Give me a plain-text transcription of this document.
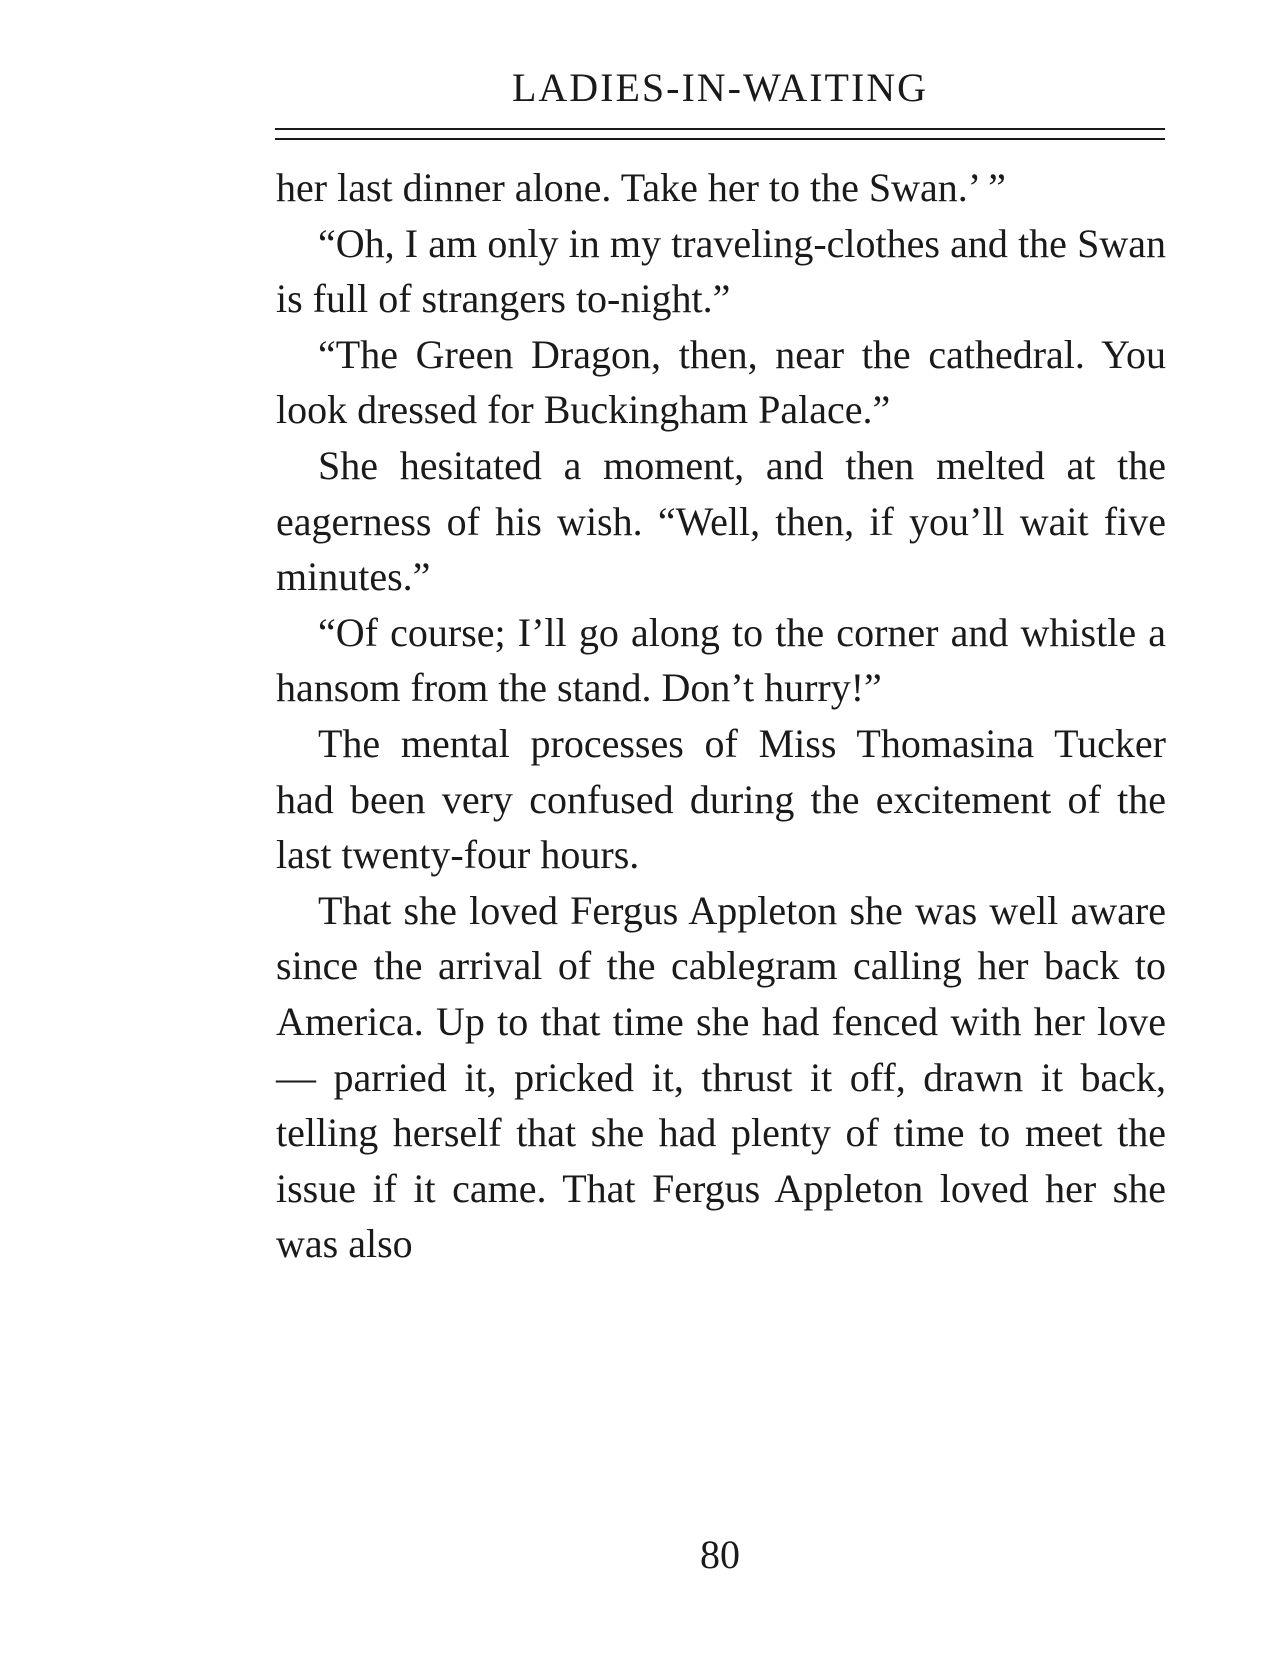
LADIES-IN-WAITING

her last dinner alone. Take her to the Swan.’ ”

“Oh, I am only in my traveling-clothes and the Swan is full of strangers to-night.”

“The Green Dragon, then, near the cathedral. You look dressed for Buckingham Palace.”

She hesitated a moment, and then melted at the eagerness of his wish. “Well, then, if you’ll wait five minutes.”

“Of course; I’ll go along to the corner and whistle a hansom from the stand. Don’t hurry!”

The mental processes of Miss Thomasina Tucker had been very confused during the excitement of the last twenty-four hours.

That she loved Fergus Appleton she was well aware since the arrival of the cablegram calling her back to America. Up to that time she had fenced with her love — parried it, pricked it, thrust it off, drawn it back, telling herself that she had plenty of time to meet the issue if it came. That Fergus Appleton loved her she was also

80
